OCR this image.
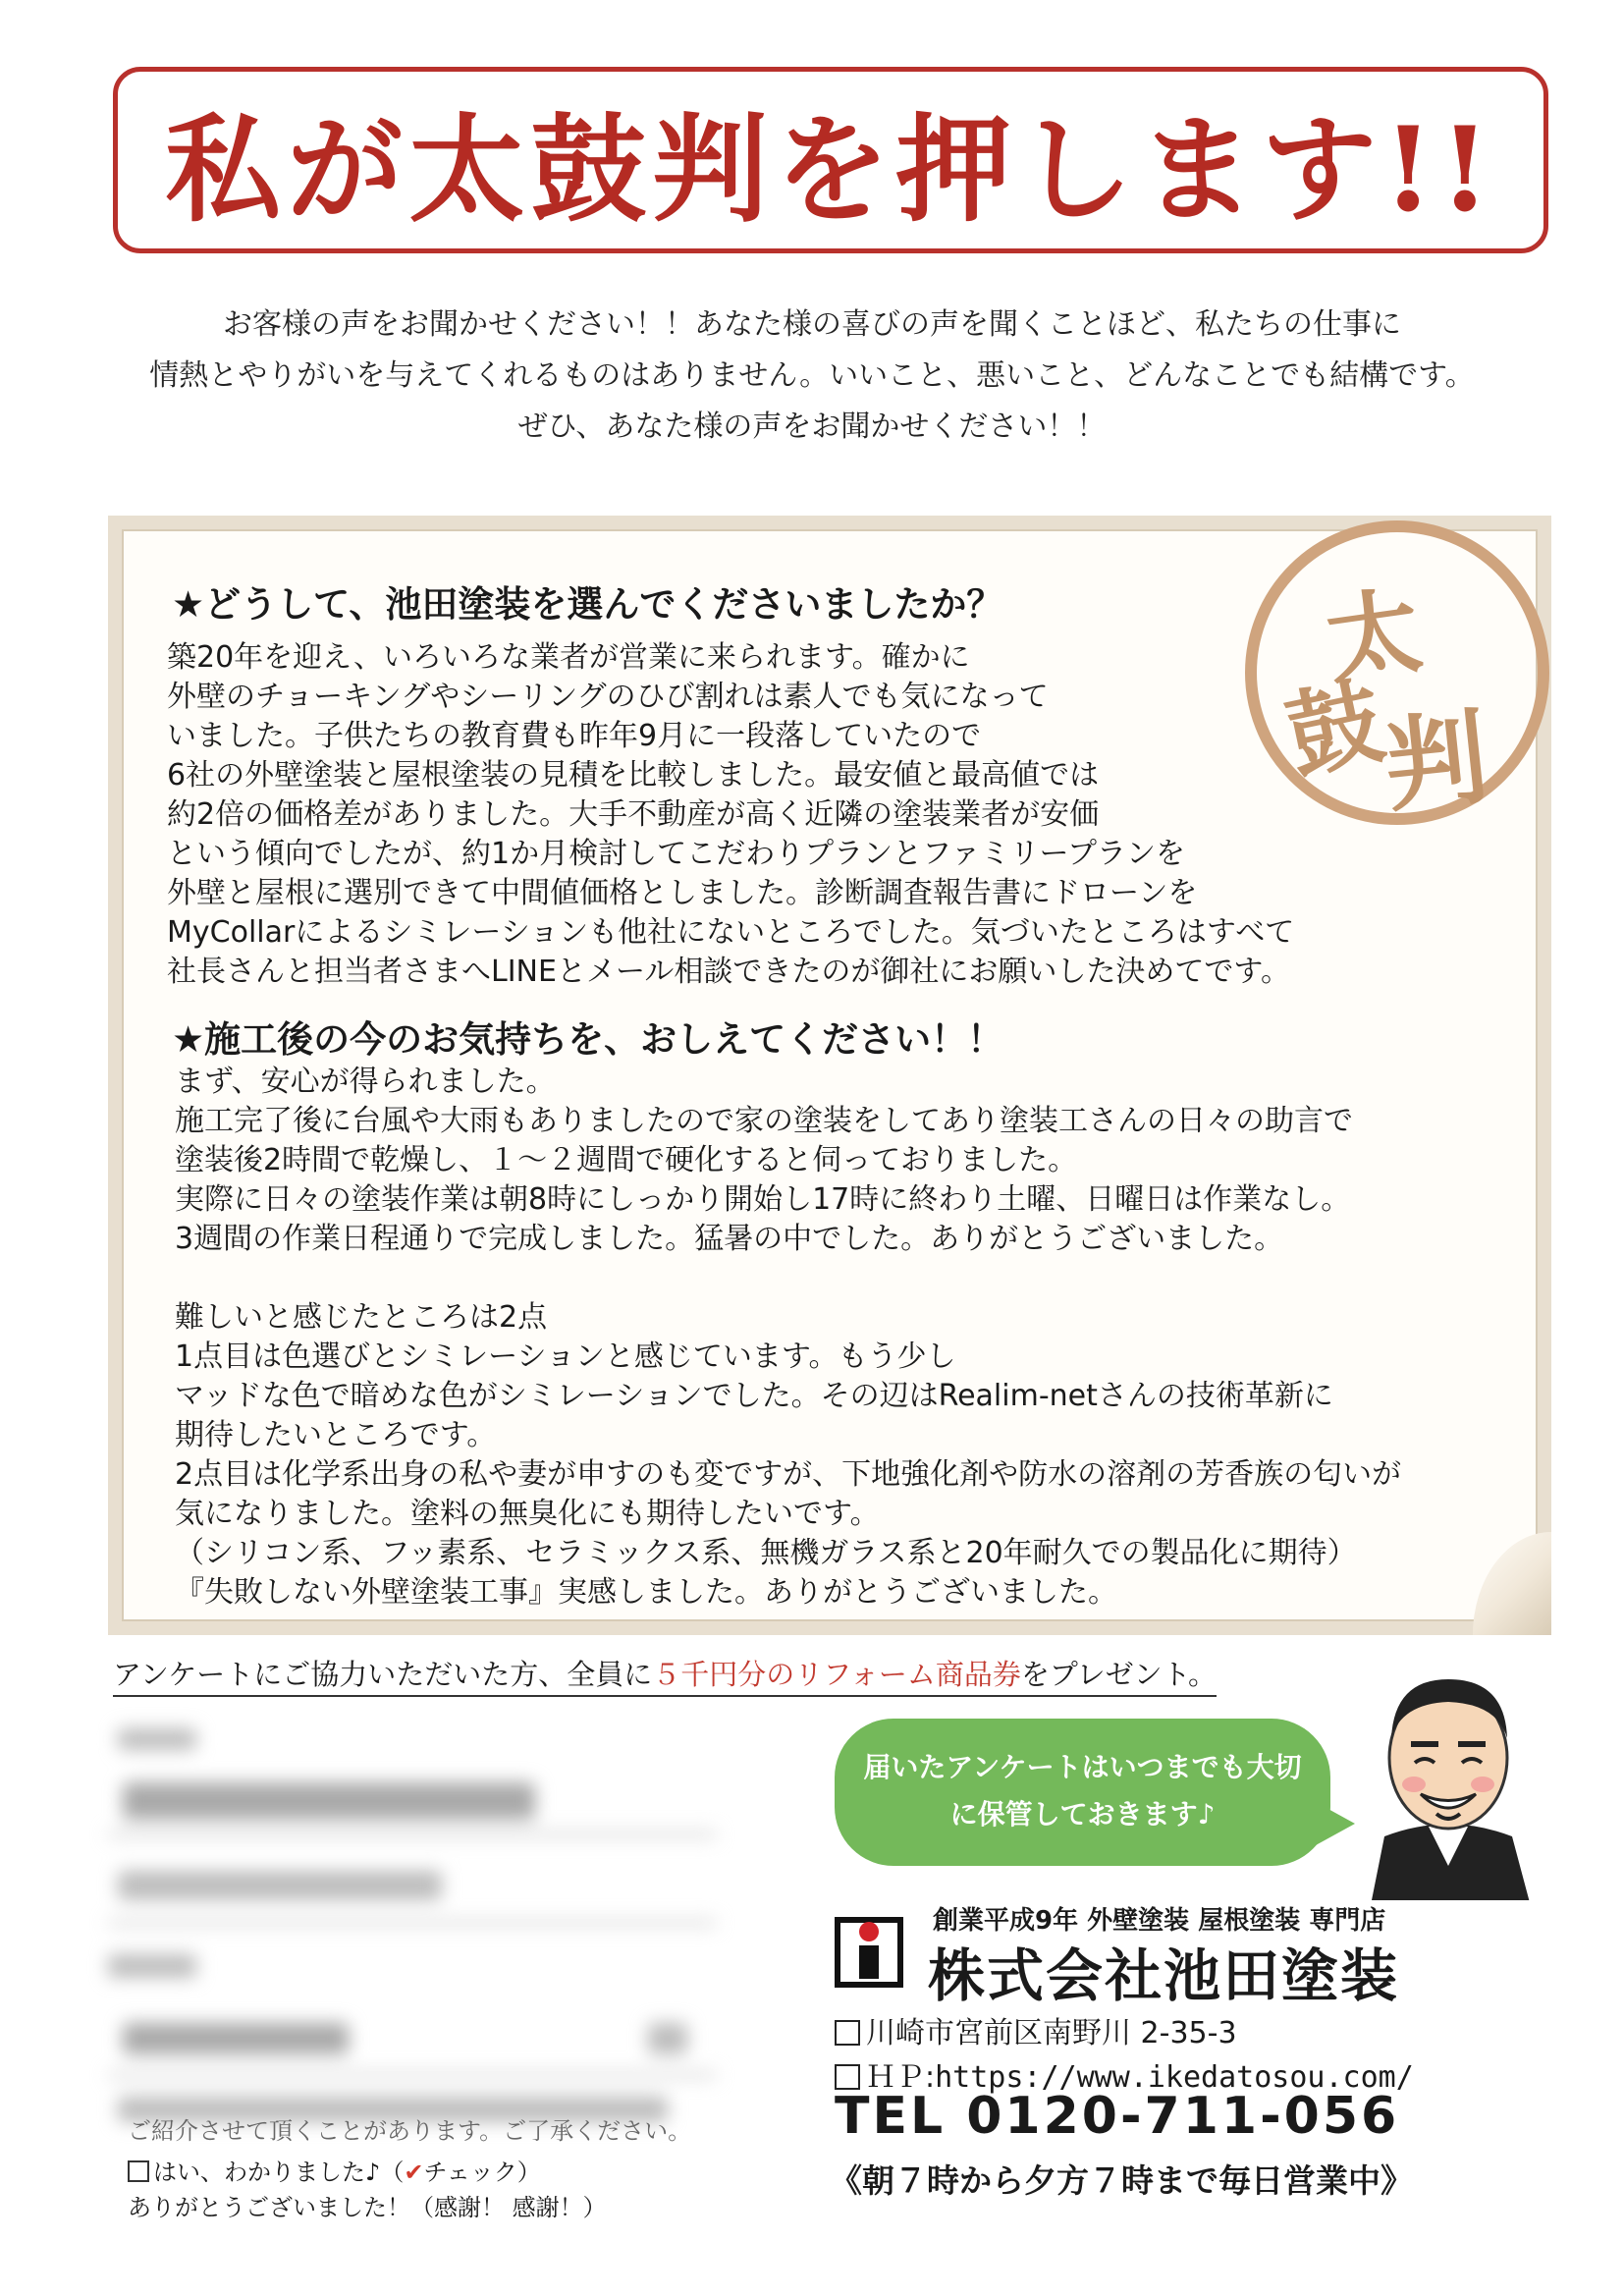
私が太鼓判を押します!!
お客様の声をお聞かせください！！あなた様の喜びの声を聞くことほど、私たちの仕事に
情熱とやりがいを与えてくれるものはありません。いいこと、悪いこと、どんなことでも結構です。
ぜひ、あなた様の声をお聞かせください！！
太
鼓
判
★どうして、池田塗装を選んでくださいましたか？
築20年を迎え、いろいろな業者が営業に来られます。確かに
外壁のチョーキングやシーリングのひび割れは素人でも気になって
いました。子供たちの教育費も昨年9月に一段落していたので
6社の外壁塗装と屋根塗装の見積を比較しました。最安値と最高値では
約2倍の価格差がありました。大手不動産が高く近隣の塗装業者が安価
という傾向でしたが、約1か月検討してこだわりプランとファミリープランを
外壁と屋根に選別できて中間値価格としました。診断調査報告書にドローンを
MyCollarによるシミレーションも他社にないところでした。気づいたところはすべて
社長さんと担当者さまへLINEとメール相談できたのが御社にお願いした決めてです。
★施工後の今のお気持ちを、おしえてください！！
まず、安心が得られました。
施工完了後に台風や大雨もありましたので家の塗装をしてあり塗装工さんの日々の助言で
塗装後2時間で乾燥し、１～２週間で硬化すると伺っておりました。
実際に日々の塗装作業は朝8時にしっかり開始し17時に終わり土曜、日曜日は作業なし。
3週間の作業日程通りで完成しました。猛暑の中でした。ありがとうございました。
難しいと感じたところは2点
1点目は色選びとシミレーションと感じています。もう少し
マッドな色で暗めな色がシミレーションでした。その辺はRealim-netさんの技術革新に
期待したいところです。
2点目は化学系出身の私や妻が申すのも変ですが、下地強化剤や防水の溶剤の芳香族の匂いが
気になりました。塗料の無臭化にも期待したいです。
（シリコン系、フッ素系、セラミックス系、無機ガラス系と20年耐久での製品化に期待）
『失敗しない外壁塗装工事』実感しました。ありがとうございました。
アンケートにご協力いただいた方、全員に５千円分のリフォーム商品券をプレゼント。
ご紹介させて頂くことがあります。ご了承ください。
はい、わかりました♪（✔チェック）
ありがとうございました！（感謝！ 感謝！）
届いたアンケートはいつまでも大切
に保管しておきます♪
創業平成9年 外壁塗装 屋根塗装 専門店
株式会社池田塗装
川崎市宮前区南野川 2-35-3
ＨＰ:https://www.ikedatosou.com/
TEL 0120-711-056
《朝７時から夕方７時まで毎日営業中》
